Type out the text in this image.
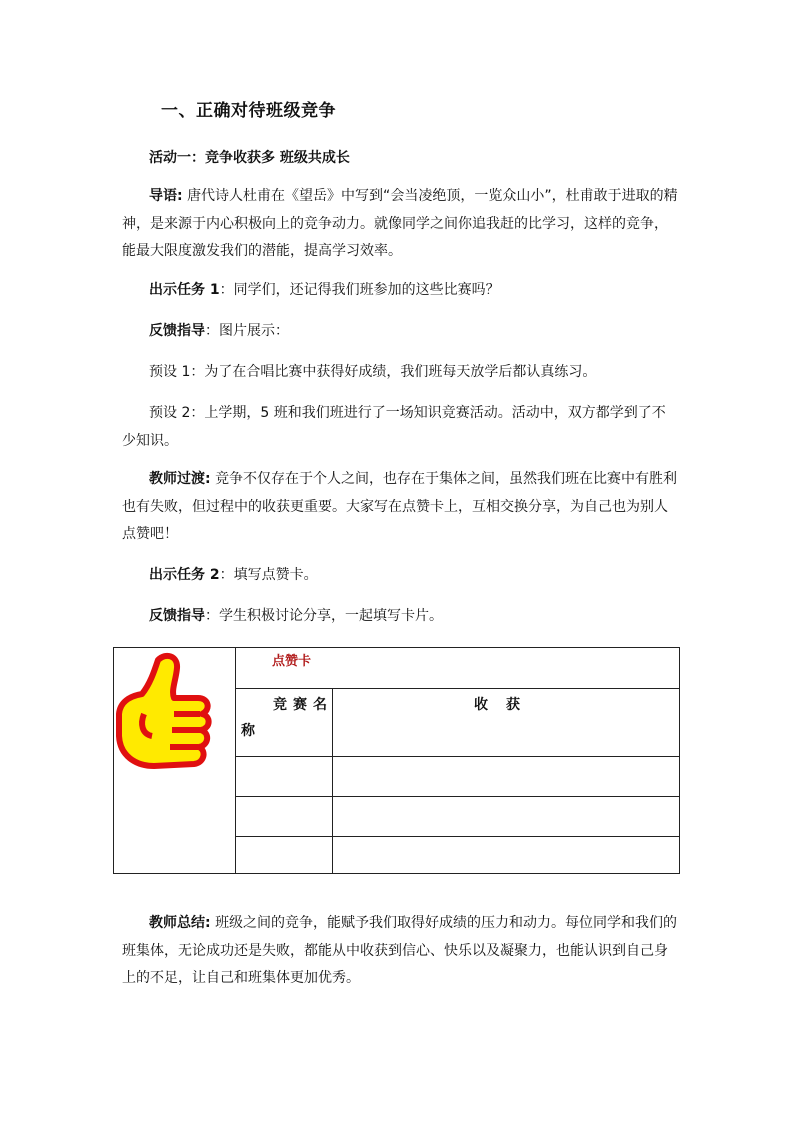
一、正确对待班级竞争
活动一：竞争收获多 班级共成长
导语: 唐代诗人杜甫在《望岳》中写到“会当凌绝顶，一览众山小”，杜甫敢于进取的精神，是来源于内心积极向上的竞争动力。就像同学之间你追我赶的比学习，这样的竞争，能最大限度激发我们的潜能，提高学习效率。
出示任务 1：同学们，还记得我们班参加的这些比赛吗？
反馈指导：图片展示：
预设 1：为了在合唱比赛中获得好成绩，我们班每天放学后都认真练习。
预设 2：上学期，5 班和我们班进行了一场知识竞赛活动。活动中，双方都学到了不少知识。
教师过渡: 竞争不仅存在于个人之间，也存在于集体之间，虽然我们班在比赛中有胜利也有失败，但过程中的收获更重要。大家写在点赞卡上，互相交换分享，为自己也为别人点赞吧！
出示任务 2：填写点赞卡。
反馈指导：学生积极讨论分享，一起填写卡片。
点赞卡
竞赛名
称
收获
教师总结: 班级之间的竞争，能赋予我们取得好成绩的压力和动力。每位同学和我们的班集体，无论成功还是失败，都能从中收获到信心、快乐以及凝聚力，也能认识到自己身上的不足，让自己和班集体更加优秀。
